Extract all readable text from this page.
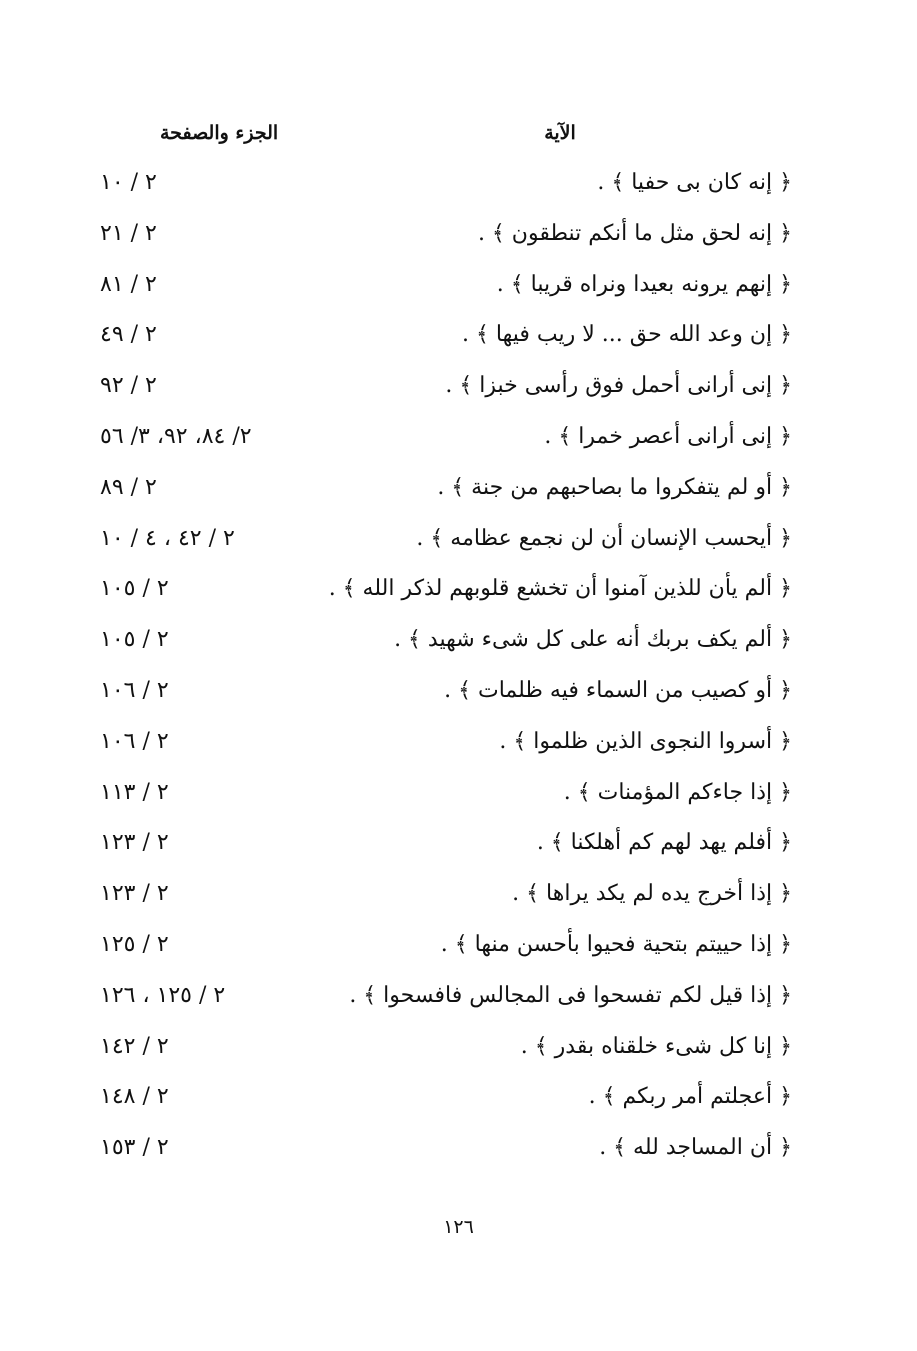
الجزء والصفحة	الآية
﴿ إنه كان بى حفيا ﴾ .
٢ / ١٠
﴿ إنه لحق مثل ما أنكم تنطقون ﴾ .
٢ / ٢١
﴿ إنهم يرونه بعيدا ونراه قريبا ﴾ .
٢ / ٨١
﴿ إن وعد الله حق ... لا ريب فيها ﴾ .
٢ / ٤٩
﴿ إنى أرانى أحمل فوق رأسى خبزا ﴾ .
٢ / ٩٢
﴿ إنى أرانى أعصر خمرا ﴾ .
٢/ ٨٤، ٩٢، ٣/ ٥٦
﴿ أو لم يتفكروا ما بصاحبهم من جنة ﴾ .
٢ / ٨٩
﴿ أيحسب الإنسان أن لن نجمع عظامه ﴾ .
٢ / ٤٢ ، ٤ / ١٠
﴿ ألم يأن للذين آمنوا أن تخشع قلوبهم لذكر الله ﴾ .
٢ / ١٠٥
﴿ ألم يكف بربك أنه على كل شىء شهيد ﴾ .
٢ / ١٠٥
﴿ أو كصيب من السماء فيه ظلمات ﴾ .
٢ / ١٠٦
﴿ أسروا النجوى الذين ظلموا ﴾ .
٢ / ١٠٦
﴿ إذا جاءكم المؤمنات ﴾ .
٢ / ١١٣
﴿ أفلم يهد لهم كم أهلكنا ﴾ .
٢ / ١٢٣
﴿ إذا أخرج يده لم يكد يراها ﴾ .
٢ / ١٢٣
﴿ إذا حييتم بتحية فحيوا بأحسن منها ﴾ .
٢ / ١٢٥
﴿ إذا قيل لكم تفسحوا فى المجالس فافسحوا ﴾ .
٢ / ١٢٥ ، ١٢٦
﴿ إنا كل شىء خلقناه بقدر ﴾ .
٢ / ١٤٢
﴿ أعجلتم أمر ربكم ﴾ .
٢ / ١٤٨
﴿ أن المساجد لله ﴾ .
٢ / ١٥٣
١٢٦
